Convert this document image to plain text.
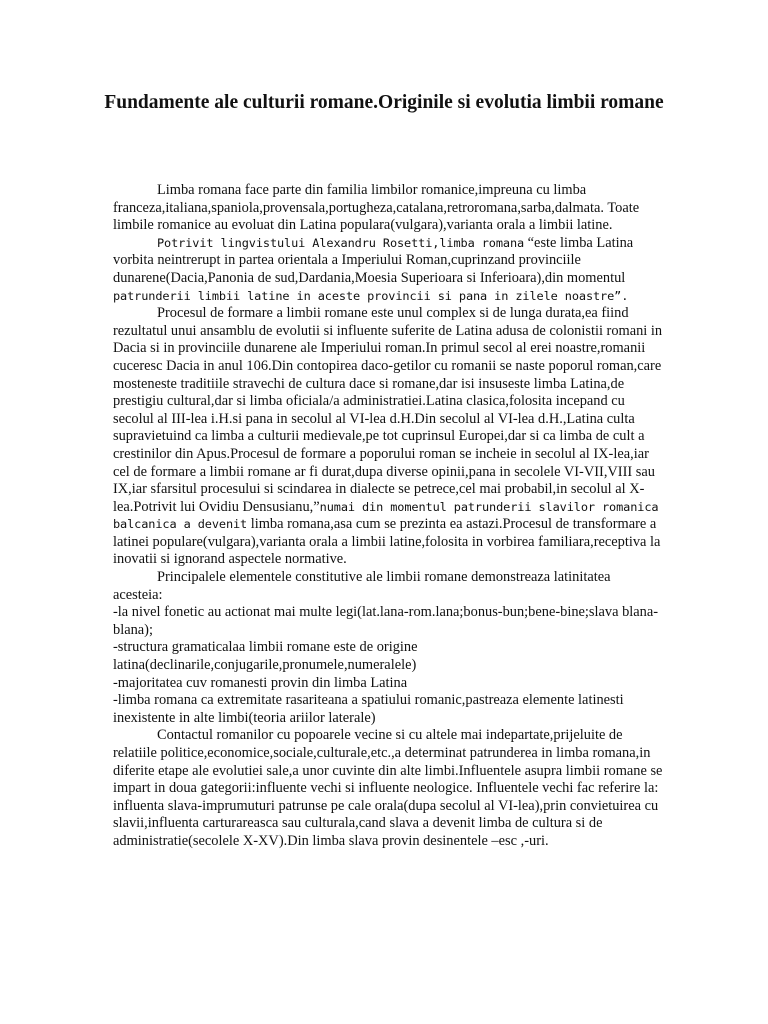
Fundamente ale culturii romane.Originile si evolutia limbii romane

Limba romana face parte din familia limbilor romanice,impreuna cu limba franceza,italiana,spaniola,provensala,portugheza,catalana,retroromana,sarba,dalmata. Toate limbile romanice au evoluat din Latina populara(vulgara),varianta orala a limbii latine.

Potrivit lingvistului Alexandru Rosetti,limba romana “este limba Latina vorbita neintrerupt in partea orientala a Imperiului Roman,cuprinzand provinciile dunarene(Dacia,Panonia de sud,Dardania,Moesia Superioara si Inferioara),din momentul patrunderii limbii latine in aceste provincii si pana in zilele noastre”.

Procesul de formare a limbii romane este unul complex si de lunga durata,ea fiind rezultatul unui ansamblu de evolutii si influente suferite de Latina adusa de colonistii romani in Dacia si in provinciile dunarene ale Imperiului roman.In primul secol al erei noastre,romanii cuceresc Dacia in anul 106.Din contopirea daco-getilor cu romanii se naste poporul roman,care mosteneste traditiile stravechi de cultura dace si romane,dar isi insuseste limba Latina,de prestigiu cultural,dar si limba oficiala/a administratiei.Latina clasica,folosita incepand cu secolul al III-lea i.H.si pana in secolul al VI-lea d.H.Din secolul al VI-lea d.H.,Latina culta supravietuind ca limba a culturii medievale,pe tot cuprinsul Europei,dar si ca limba de cult a crestinilor din Apus.Procesul de formare a poporului roman se incheie in secolul al IX-lea,iar cel de formare a limbii romane ar fi durat,dupa diverse opinii,pana in secolele VI-VII,VIII sau IX,iar sfarsitul procesului si scindarea in dialecte se petrece,cel mai probabil,in secolul al X-lea.Potrivit lui Ovidiu Densusianu,”numai din momentul patrunderii slavilor romanica balcanica a devenit limba romana,asa cum se prezinta ea astazi.Procesul de transformare a latinei populare(vulgara),varianta orala a limbii latine,folosita in vorbirea familiara,receptiva la inovatii si ignorand aspectele normative.

Principalele elementele constitutive ale limbii romane demonstreaza latinitatea acesteia:

-la nivel fonetic au actionat mai multe legi(lat.lana-rom.lana;bonus-bun;bene-bine;slava blana-blana);

-structura gramaticalaa limbii romane este de origine latina(declinarile,conjugarile,pronumele,numeralele)

-majoritatea cuv romanesti provin din limba Latina

-limba romana ca extremitate rasariteana a spatiului romanic,pastreaza elemente latinesti inexistente in alte limbi(teoria ariilor laterale)

Contactul romanilor cu popoarele vecine si cu altele mai indepartate,prijeluite de relatiile politice,economice,sociale,culturale,etc.,a determinat patrunderea in limba romana,in diferite etape ale evolutiei sale,a unor cuvinte din alte limbi.Influentele asupra limbii romane se impart in doua gategorii:influente vechi si influente neologice. Influentele vechi fac referire la:

influenta slava-imprumuturi patrunse pe cale orala(dupa secolul al VI-lea),prin convietuirea cu slavii,influenta carturareasca sau culturala,cand slava a devenit limba de cultura si de administratie(secolele X-XV).Din limba slava provin desinentele –esc ,-uri.
